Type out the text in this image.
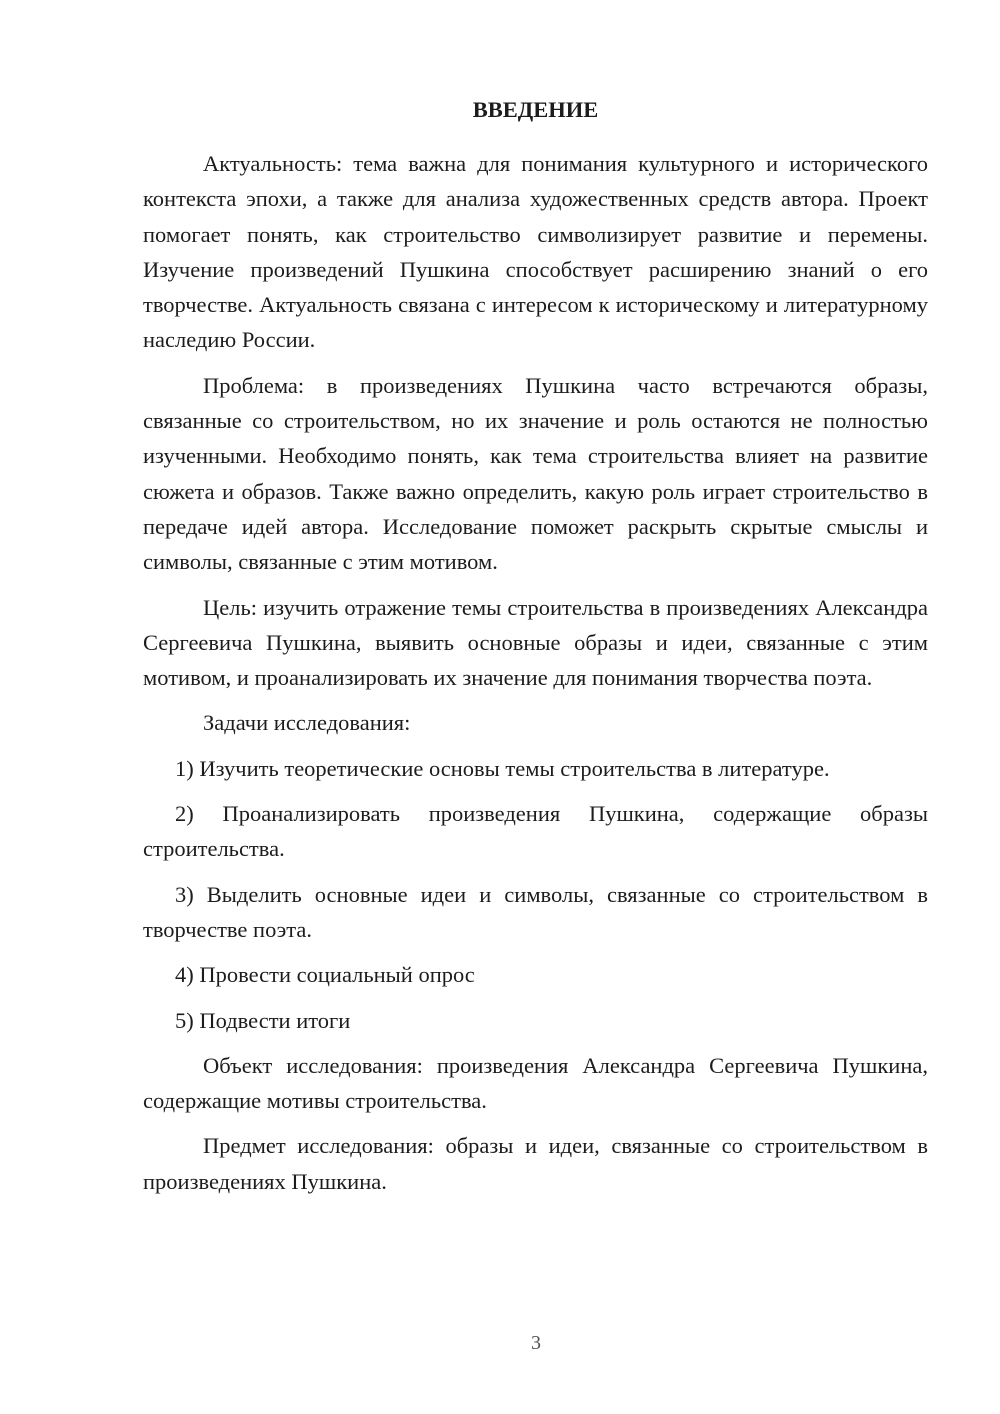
ВВЕДЕНИЕ

Актуальность: тема важна для понимания культурного и исторического контекста эпохи, а также для анализа художественных средств автора. Проект помогает понять, как строительство символизирует развитие и перемены. Изучение произведений Пушкина способствует расширению знаний о его творчестве. Актуальность связана с интересом к историческому и литературному наследию России.

Проблема: в произведениях Пушкина часто встречаются образы, связанные со строительством, но их значение и роль остаются не полностью изученными. Необходимо понять, как тема строительства влияет на развитие сюжета и образов. Также важно определить, какую роль играет строительство в передаче идей автора. Исследование поможет раскрыть скрытые смыслы и символы, связанные с этим мотивом.

Цель: изучить отражение темы строительства в произведениях Александра Сергеевича Пушкина, выявить основные образы и идеи, связанные с этим мотивом, и проанализировать их значение для понимания творчества поэта.

Задачи исследования:

1) Изучить теоретические основы темы строительства в литературе.

2) Проанализировать произведения Пушкина, содержащие образы строительства.

3) Выделить основные идеи и символы, связанные со строительством в творчестве поэта.

4) Провести социальный опрос

5) Подвести итоги

Объект исследования: произведения Александра Сергеевича Пушкина, содержащие мотивы строительства.

Предмет исследования: образы и идеи, связанные со строительством в произведениях Пушкина.

3
